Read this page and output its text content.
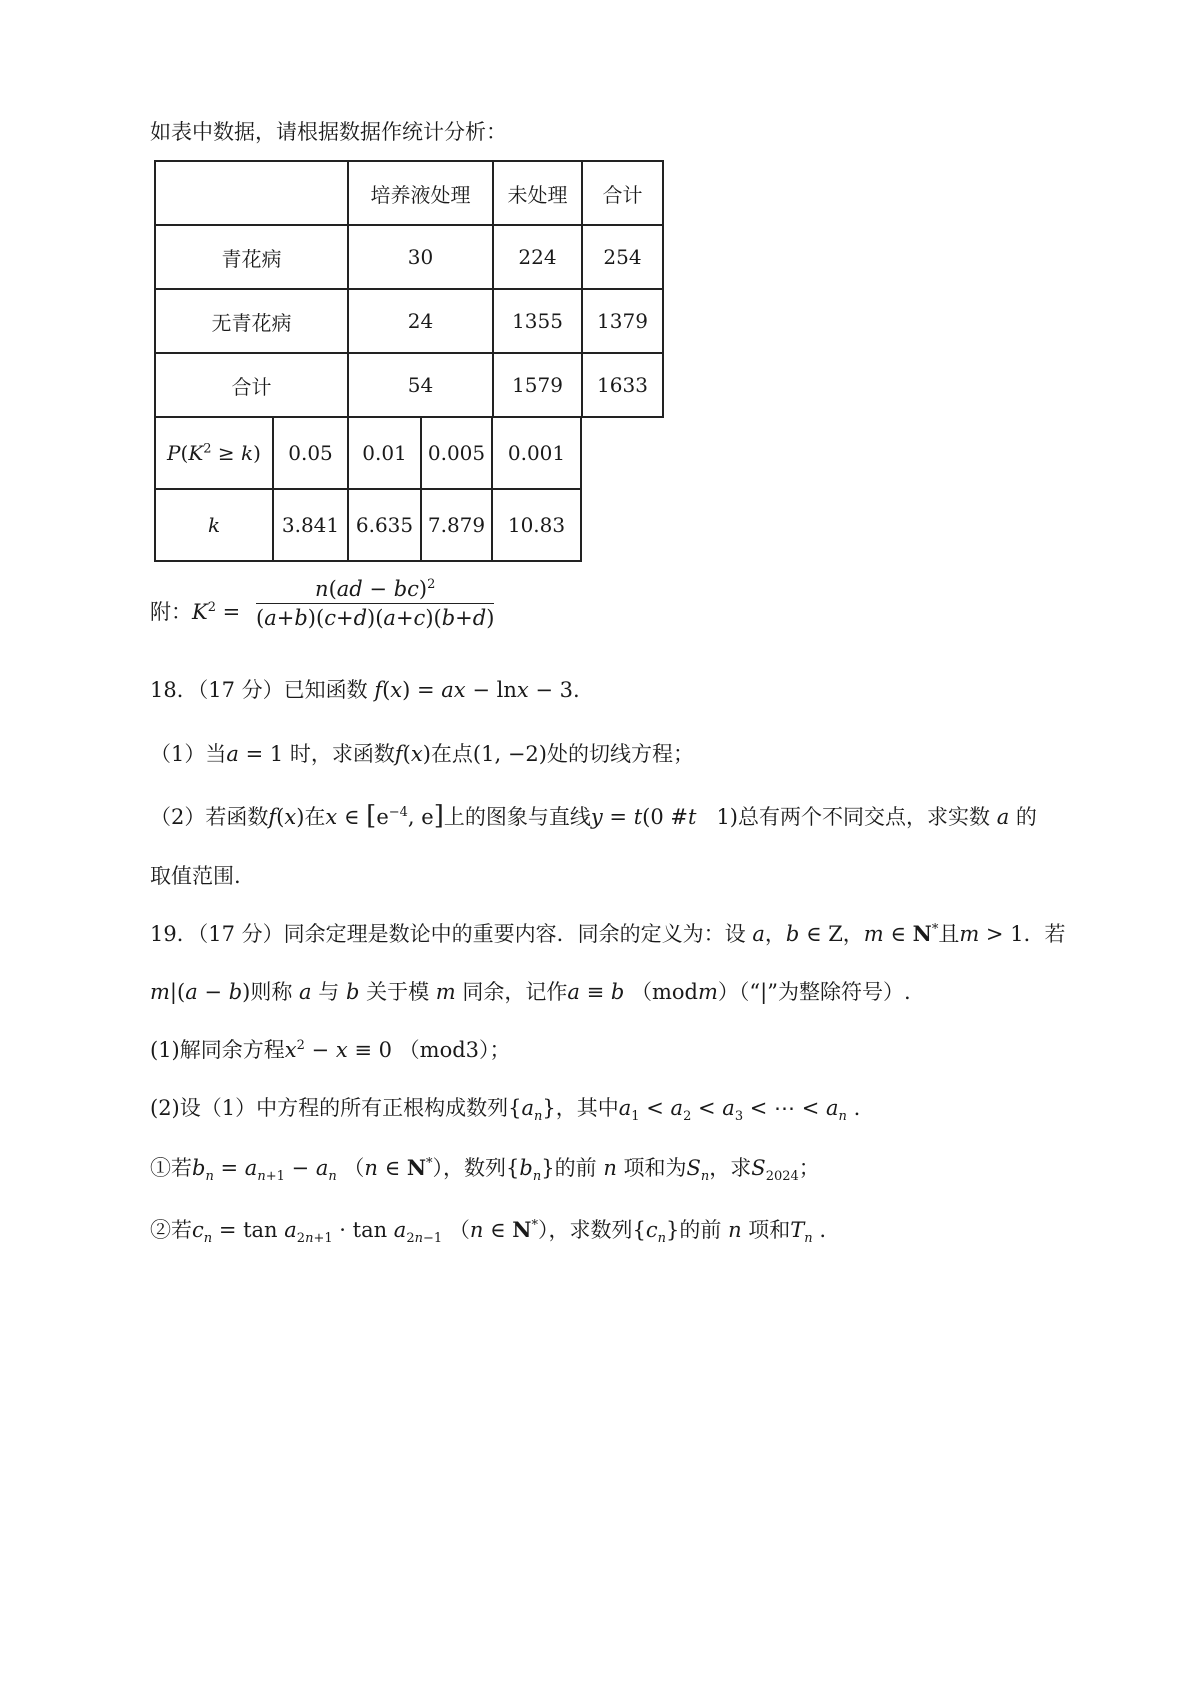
如表中数据，请根据数据作统计分析：
	培养液处理	未处理	合计
青花病	30	224	254
无青花病	24	1355	1379
合计	54	1579	1633
$P(K^2 \ge k)$	0.05	0.01	0.005	0.001
k	3.841	6.635	7.879	10.83
附：$K^2 = \frac{n(ad - bc)^2}{(a+b)(c+d)(a+c)(b+d)}$
18．（17 分）已知函数 f(x) = ax − lnx − 3.
（1）当a = 1 时，求函数f(x)在点(1, −2)处的切线方程；
（2）若函数f(x)在x ∈ [$e^{-4}$, e]上的图象与直线y = t(0 #t   1)总有两个不同交点，求实数 a 的
取值范围.
19．（17 分）同余定理是数论中的重要内容．同余的定义为：设 a，b ∈ Z，m ∈ N*且m > 1．若
m|(a − b)则称 a 与 b 关于模 m 同余，记作a ≡ b （modm）（“|”为整除符号）.
(1)解同余方程$x^2 - x \equiv 0$ （mod3）；
(2)设（1）中方程的所有正根构成数列$\{a_n\}$，其中$a_1 < a_2 < a_3$ < ⋯ < $a_n$ .
①若$b_n = a_{n+1} - a_n$ （n ∈ N*），数列$\{b_n\}$的前 n 项和为$S_n$，求$S_{2024}$；
②若$c_n = \tan a_{2n+1} \cdot \tan a_{2n-1}$ （n ∈ N*），求数列$\{c_n\}$的前 n 项和$T_n$ .
